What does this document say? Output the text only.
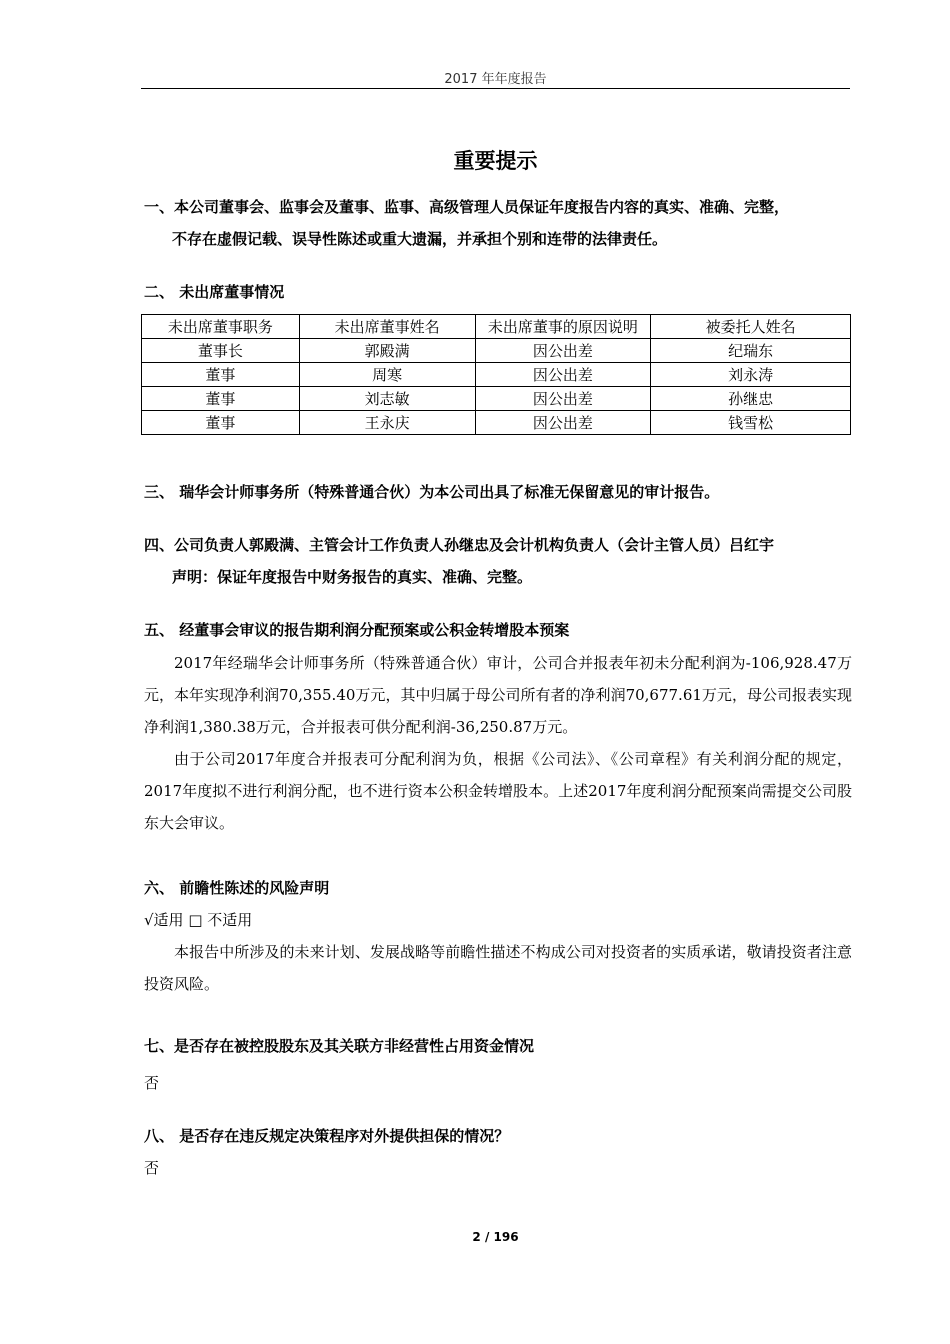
2017 年年度报告
重要提示
一、本公司董事会、监事会及董事、监事、高级管理人员保证年度报告内容的真实、准确、完整，
不存在虚假记载、误导性陈述或重大遗漏，并承担个别和连带的法律责任。
二、 未出席董事情况
未出席董事职务	未出席董事姓名	未出席董事的原因说明	被委托人姓名
董事长	郭殿满	因公出差	纪瑞东
董事	周寒	因公出差	刘永涛
董事	刘志敏	因公出差	孙继忠
董事	王永庆	因公出差	钱雪松
三、 瑞华会计师事务所（特殊普通合伙）为本公司出具了标准无保留意见的审计报告。
四、公司负责人郭殿满、主管会计工作负责人孙继忠及会计机构负责人（会计主管人员）吕红宇
声明：保证年度报告中财务报告的真实、准确、完整。
五、 经董事会审议的报告期利润分配预案或公积金转增股本预案

2017年经瑞华会计师事务所（特殊普通合伙）审计，公司合并报表年初未分配利润为-106,928.47万元，本年实现净利润70,355.40万元，其中归属于母公司所有者的净利润70,677.61万元，母公司报表实现净利润1,380.38万元，合并报表可供分配利润-36,250.87万元。

由于公司2017年度合并报表可分配利润为负，根据《公司法》、《公司章程》有关利润分配的规定，2017年度拟不进行利润分配，也不进行资本公积金转增股本。上述2017年度利润分配预案尚需提交公司股东大会审议。

六、 前瞻性陈述的风险声明
√适用 □ 不适用

本报告中所涉及的未来计划、发展战略等前瞻性描述不构成公司对投资者的实质承诺，敬请投资者注意投资风险。

七、是否存在被控股股东及其关联方非经营性占用资金情况
否
八、 是否存在违反规定决策程序对外提供担保的情况？
否
2 / 196
